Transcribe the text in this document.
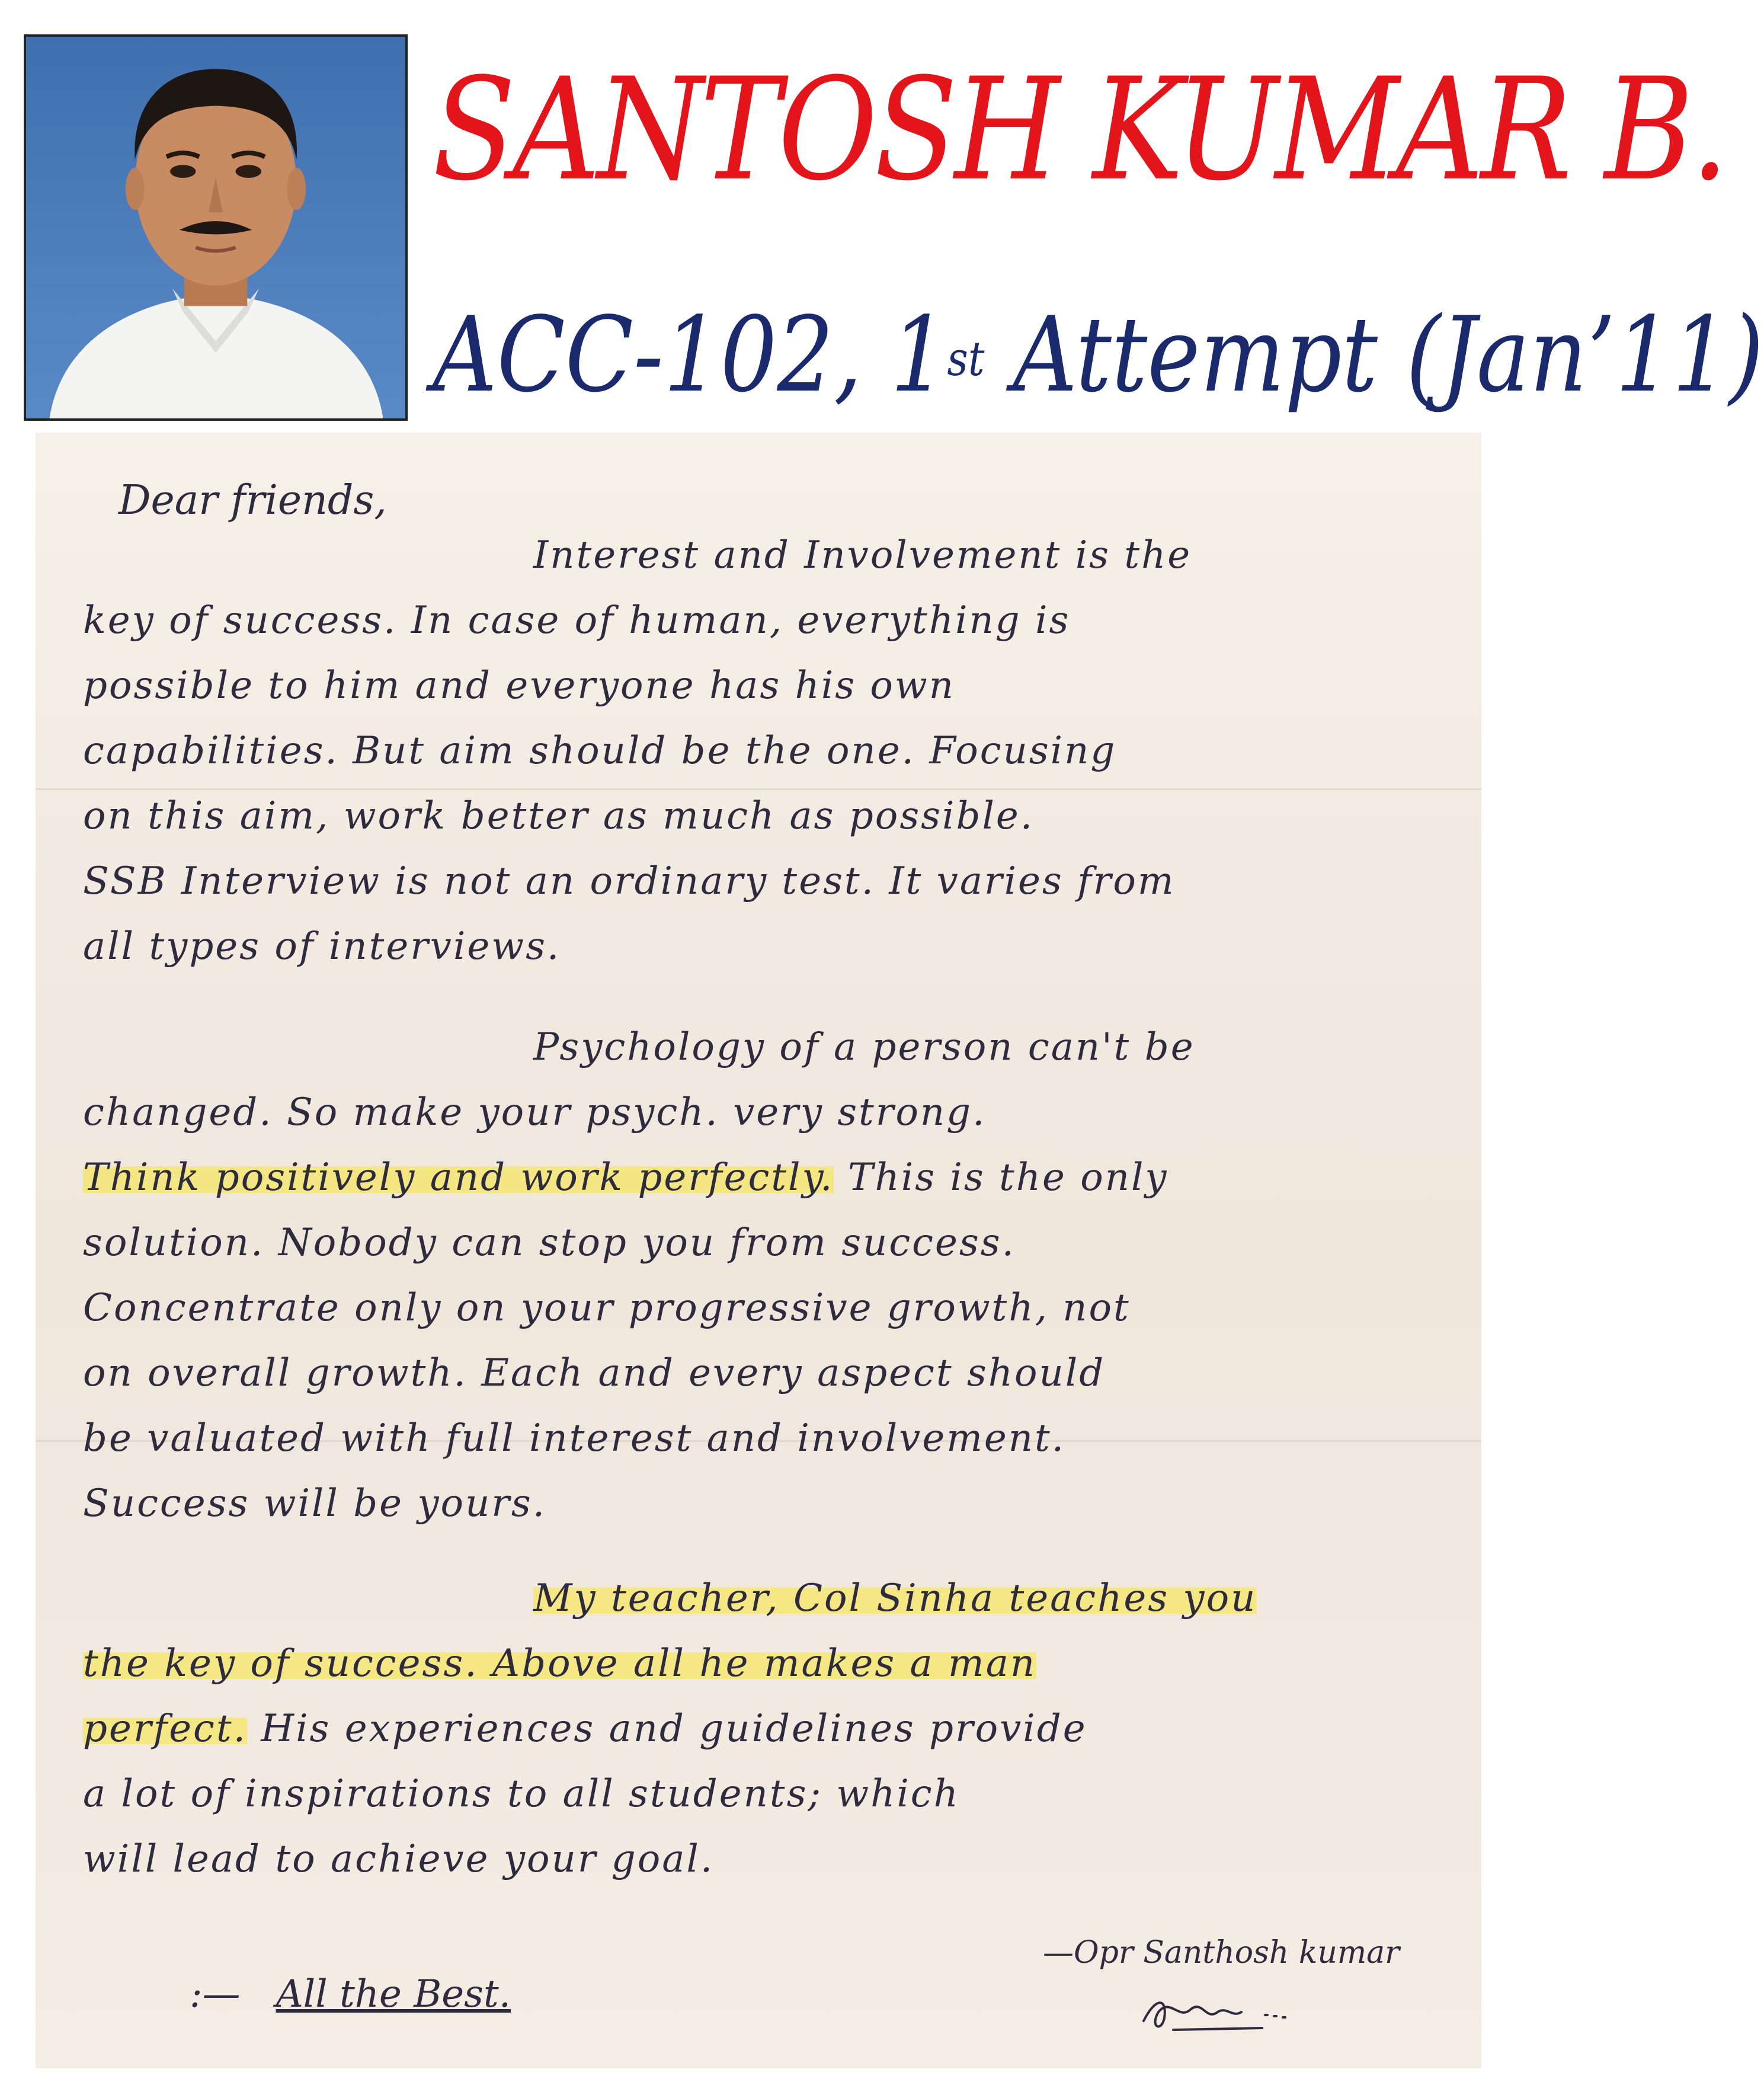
SANTOSH KUMAR B.
ACC-102, 1st Attempt (Jan’11)
Dear friends,
Interest and Involvement is the
key of success. In case of human, everything is
possible to him and everyone has his own
capabilities. But aim should be the one. Focusing
on this aim, work better as much as possible.
SSB Interview is not an ordinary test. It varies from
all types of interviews.
Psychology of a person can't be
changed. So make your psych. very strong.
Think positively and work perfectly. This is the only
solution. Nobody can stop you from success.
Concentrate only on your progressive growth, not
on overall growth. Each and every aspect should
be valuated with full interest and involvement.
Success will be yours.
My teacher, Col Sinha teaches you
the key of success. Above all he makes a man
perfect. His experiences and guidelines provide
a lot of inspirations to all students; which
will lead to achieve your goal.
—Opr Santhosh kumar
:— All the Best.
